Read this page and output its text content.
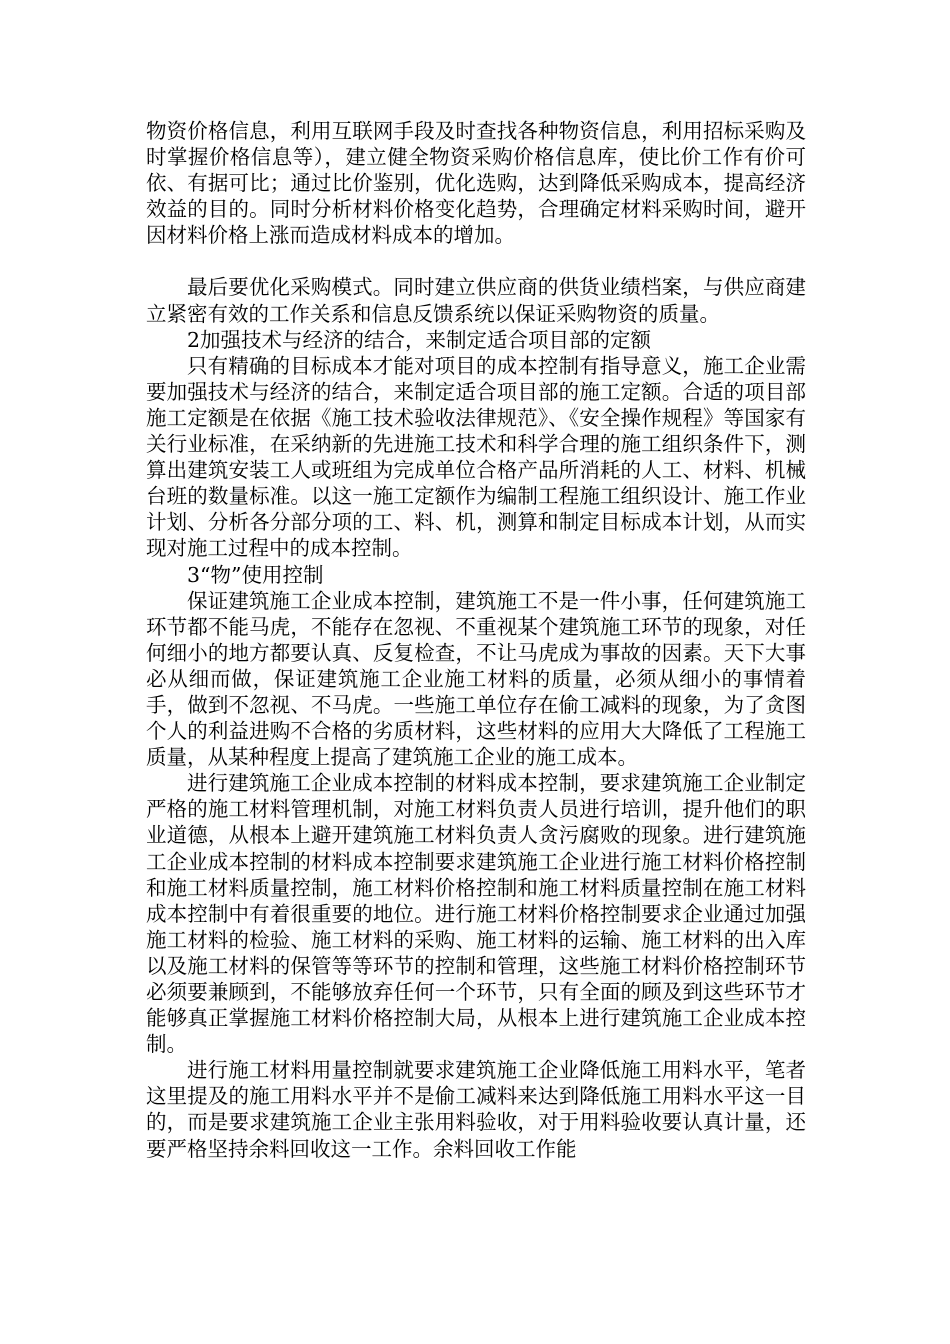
物资价格信息，利用互联网手段及时查找各种物资信息，利用招标采购及时掌握价格信息等），建立健全物资采购价格信息库，使比价工作有价可依、有据可比；通过比价鉴别，优化选购，达到降低采购成本，提高经济效益的目的。同时分析材料价格变化趋势，合理确定材料采购时间，避开因材料价格上涨而造成材料成本的增加。

最后要优化采购模式。同时建立供应商的供货业绩档案，与供应商建立紧密有效的工作关系和信息反馈系统以保证采购物资的质量。

2加强技术与经济的结合，来制定适合项目部的定额

只有精确的目标成本才能对项目的成本控制有指导意义，施工企业需要加强技术与经济的结合，来制定适合项目部的施工定额。合适的项目部施工定额是在依据《施工技术验收法律规范》、《安全操作规程》等国家有关行业标准，在采纳新的先进施工技术和科学合理的施工组织条件下，测算出建筑安装工人或班组为完成单位合格产品所消耗的人工、材料、机械台班的数量标准。以这一施工定额作为编制工程施工组织设计、施工作业计划、分析各分部分项的工、料、机，测算和制定目标成本计划，从而实现对施工过程中的成本控制。

3“物”使用控制

保证建筑施工企业成本控制，建筑施工不是一件小事，任何建筑施工环节都不能马虎，不能存在忽视、不重视某个建筑施工环节的现象，对任何细小的地方都要认真、反复检查，不让马虎成为事故的因素。天下大事必从细而做，保证建筑施工企业施工材料的质量，必须从细小的事情着手，做到不忽视、不马虎。一些施工单位存在偷工减料的现象，为了贪图个人的利益进购不合格的劣质材料，这些材料的应用大大降低了工程施工质量，从某种程度上提高了建筑施工企业的施工成本。

进行建筑施工企业成本控制的材料成本控制，要求建筑施工企业制定严格的施工材料管理机制，对施工材料负责人员进行培训，提升他们的职业道德，从根本上避开建筑施工材料负责人贪污腐败的现象。进行建筑施工企业成本控制的材料成本控制要求建筑施工企业进行施工材料价格控制和施工材料质量控制，施工材料价格控制和施工材料质量控制在施工材料成本控制中有着很重要的地位。进行施工材料价格控制要求企业通过加强施工材料的检验、施工材料的采购、施工材料的运输、施工材料的出入库以及施工材料的保管等等环节的控制和管理，这些施工材料价格控制环节必须要兼顾到，不能够放弃任何一个环节，只有全面的顾及到这些环节才能够真正掌握施工材料价格控制大局，从根本上进行建筑施工企业成本控制。

进行施工材料用量控制就要求建筑施工企业降低施工用料水平，笔者这里提及的施工用料水平并不是偷工减料来达到降低施工用料水平这一目的，而是要求建筑施工企业主张用料验收，对于用料验收要认真计量，还要严格坚持余料回收这一工作。余料回收工作能
